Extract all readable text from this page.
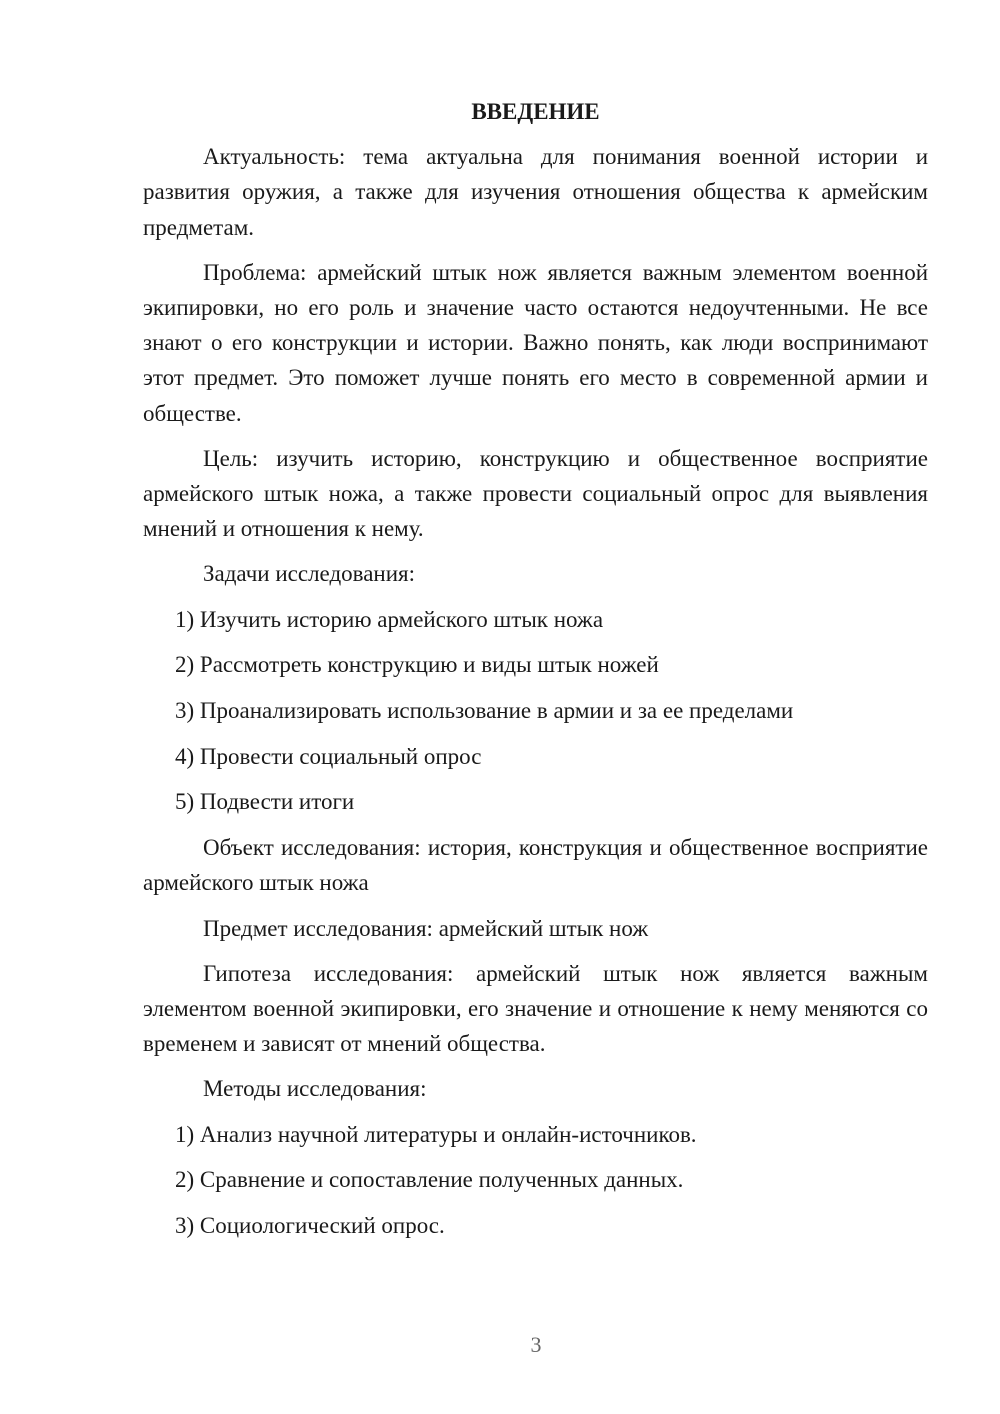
ВВЕДЕНИЕ

Актуальность: тема актуальна для понимания военной истории и развития оружия, а также для изучения отношения общества к армейским предметам.

Проблема: армейский штык нож является важным элементом военной экипировки, но его роль и значение часто остаются недоучтенными. Не все знают о его конструкции и истории. Важно понять, как люди воспринимают этот предмет. Это поможет лучше понять его место в современной армии и обществе.

Цель: изучить историю, конструкцию и общественное восприятие армейского штык ножа, а также провести социальный опрос для выявления мнений и отношения к нему.

Задачи исследования:

1) Изучить историю армейского штык ножа

2) Рассмотреть конструкцию и виды штык ножей

3) Проанализировать использование в армии и за ее пределами

4) Провести социальный опрос

5) Подвести итоги

Объект исследования: история, конструкция и общественное восприятие армейского штык ножа

Предмет исследования: армейский штык нож

Гипотеза исследования: армейский штык нож является важным элементом военной экипировки, его значение и отношение к нему меняются со временем и зависят от мнений общества.

Методы исследования:

1) Анализ научной литературы и онлайн-источников.

2) Сравнение и сопоставление полученных данных.

3) Социологический опрос.

3
